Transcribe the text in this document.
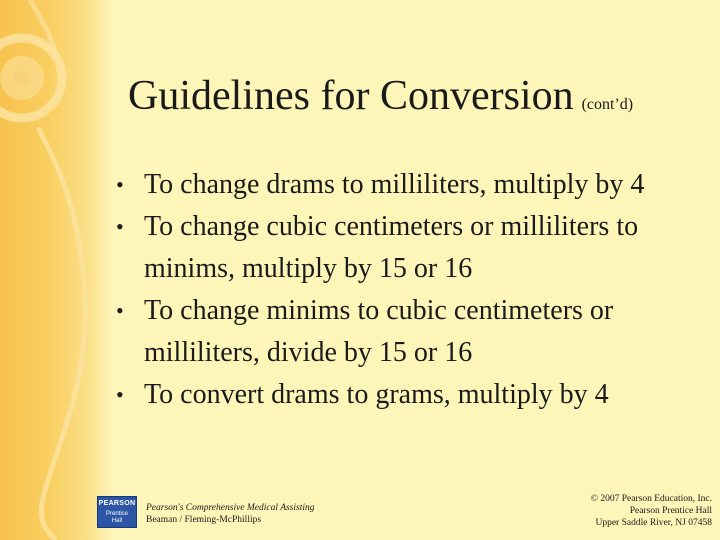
Guidelines for Conversion (cont’d)
• To change drams to milliliters, multiply by 4
• To change cubic centimeters or milliliters to minims, multiply by 15 or 16
• To change minims to cubic centimeters or milliliters, divide by 15 or 16
• To convert drams to grams, multiply by 4
PEARSON
Prentice
Hall
Pearson's Comprehensive Medical Assisting
Beaman / Fleming-McPhillips
© 2007 Pearson Education, Inc.
Pearson Prentice Hall
Upper Saddle River, NJ 07458
